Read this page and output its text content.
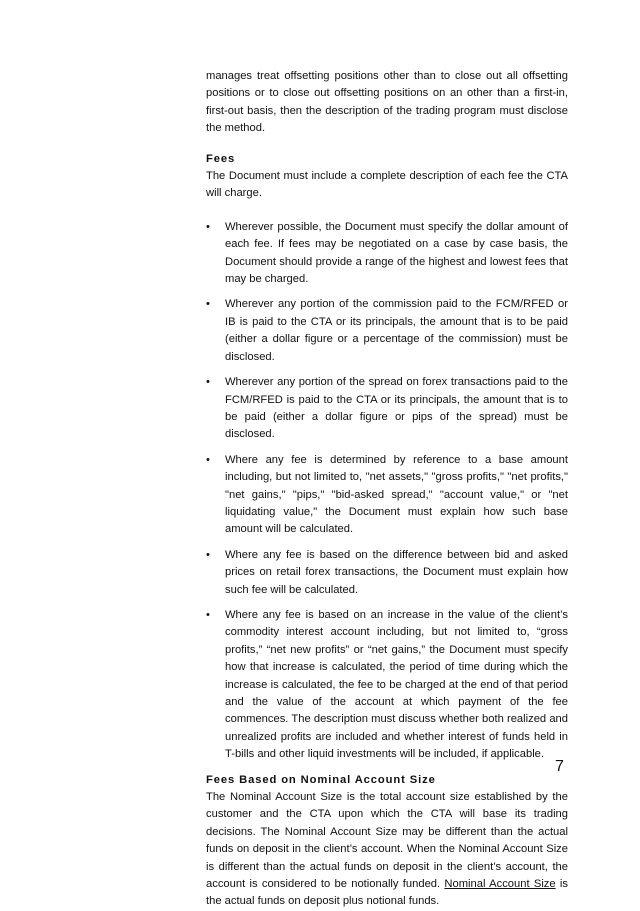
manages treat offsetting positions other than to close out all offsetting positions or to close out offsetting positions on an other than a first-in, first-out basis, then the description of the trading program must disclose the method.

Fees

The Document must include a complete description of each fee the CTA will charge.

•	Wherever possible, the Document must specify the dollar amount of each fee. If fees may be negotiated on a case by case basis, the Document should provide a range of the highest and lowest fees that may be charged.
•	Wherever any portion of the commission paid to the FCM/RFED or IB is paid to the CTA or its principals, the amount that is to be paid (either a dollar figure or a percentage of the commission) must be disclosed.
•	Wherever any portion of the spread on forex transactions paid to the FCM/RFED is paid to the CTA or its principals, the amount that is to be paid (either a dollar figure or pips of the spread) must be disclosed.
•	Where any fee is determined by reference to a base amount including, but not limited to, "net assets," "gross profits," "net profits," "net gains," "pips," "bid-asked spread," "account value," or "net liquidating value," the Document must explain how such base amount will be calculated.
•	Where any fee is based on the difference between bid and asked prices on retail forex transactions, the Document must explain how such fee will be calculated.
•	Where any fee is based on an increase in the value of the client’s commodity interest account including, but not limited to, “gross profits,” “net new profits” or “net gains,” the Document must specify how that increase is calculated, the period of time during which the increase is calculated, the fee to be charged at the end of that period and the value of the account at which payment of the fee commences. The description must discuss whether both realized and unrealized profits are included and whether interest of funds held in T-bills and other liquid investments will be included, if applicable.
Fees Based on Nominal Account Size

The Nominal Account Size is the total account size established by the customer and the CTA upon which the CTA will base its trading decisions. The Nominal Account Size may be different than the actual funds on deposit in the client’s account. When the Nominal Account Size is different than the actual funds on deposit in the client’s account, the account is considered to be notionally funded. Nominal Account Size is the actual funds on deposit plus notional funds.

7
